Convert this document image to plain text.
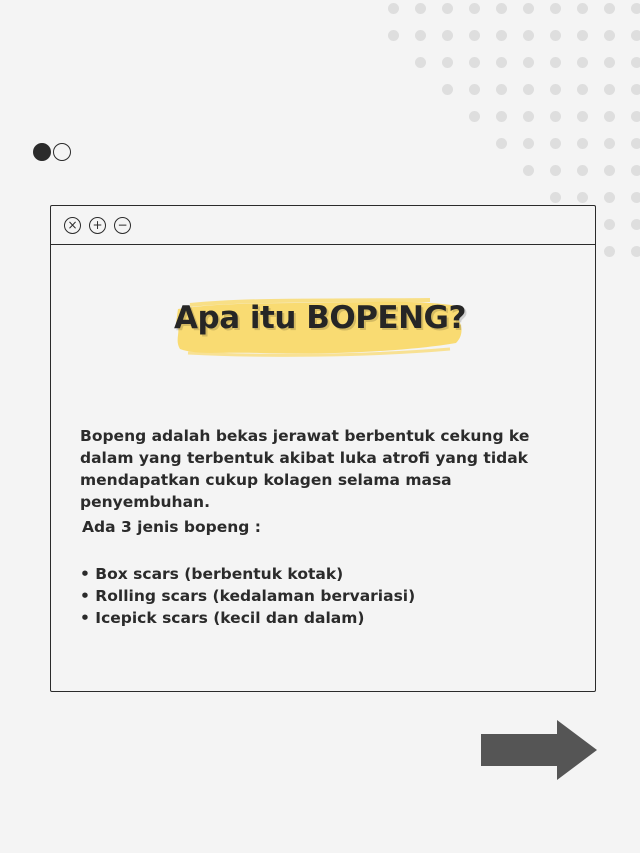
× + −
Apa itu BOPENG?
Bopeng adalah bekas jerawat berbentuk cekung ke dalam yang terbentuk akibat luka atrofi yang tidak mendapatkan cukup kolagen selama masa penyembuhan.
Ada 3 jenis bopeng :
• Box scars (berbentuk kotak)
• Rolling scars (kedalaman bervariasi)
• Icepick scars (kecil dan dalam)
